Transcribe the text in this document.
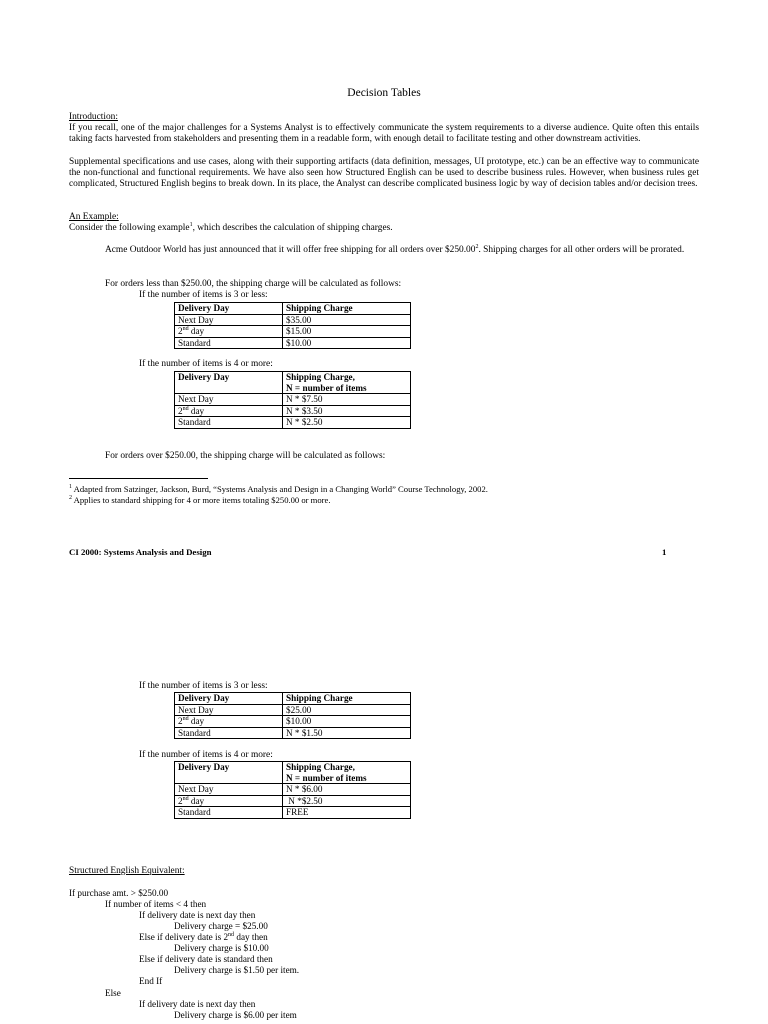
Decision Tables
Introduction:
If you recall, one of the major challenges for a Systems Analyst is to effectively communicate the system requirements to a diverse audience. Quite often this entails taking facts harvested from stakeholders and presenting them in a readable form, with enough detail to facilitate testing and other downstream activities.
Supplemental specifications and use cases, along with their supporting artifacts (data definition, messages, UI prototype, etc.) can be an effective way to communicate the non-functional and functional requirements. We have also seen how Structured English can be used to describe business rules. However, when business rules get complicated, Structured English begins to break down. In its place, the Analyst can describe complicated business logic by way of decision tables and/or decision trees.
An Example:
Consider the following example$^1$, which describes the calculation of shipping charges.
Acme Outdoor World has just announced that it will offer free shipping for all orders over $250.00$^2$. Shipping charges for all other orders will be prorated.
For orders less than $250.00, the shipping charge will be calculated as follows:
If the number of items is 3 or less:
Delivery Day	Shipping Charge
Next Day	$35.00
2nd day	$15.00
Standard	$10.00
If the number of items is 4 or more:
Delivery Day	Shipping Charge,
N = number of items

Next Day	N * $7.50
2nd day	N * $3.50
Standard	N * $2.50
For orders over $250.00, the shipping charge will be calculated as follows:
$^1$ Adapted from Satzinger, Jackson, Burd, “Systems Analysis and Design in a Changing World” Course Technology, 2002.
$^2$ Applies to standard shipping for 4 or more items totaling $250.00 or more.
CI 2000: Systems Analysis and Design	1
If the number of items is 3 or less:
Delivery Day	Shipping Charge
Next Day	$25.00
2nd day	$10.00
Standard	N * $1.50
If the number of items is 4 or more:
Delivery Day	Shipping Charge,
N = number of items

Next Day	N * $6.00
2nd day	N *$2.50
Standard	FREE
Structured English Equivalent:
If purchase amt. > $250.00
If number of items < 4 then
If delivery date is next day then
Delivery charge = $25.00
Else if delivery date is 2nd day then
Delivery charge is $10.00
Else if delivery date is standard then
Delivery charge is $1.50 per item.
End If
Else
If delivery date is next day then
Delivery charge is $6.00 per item
